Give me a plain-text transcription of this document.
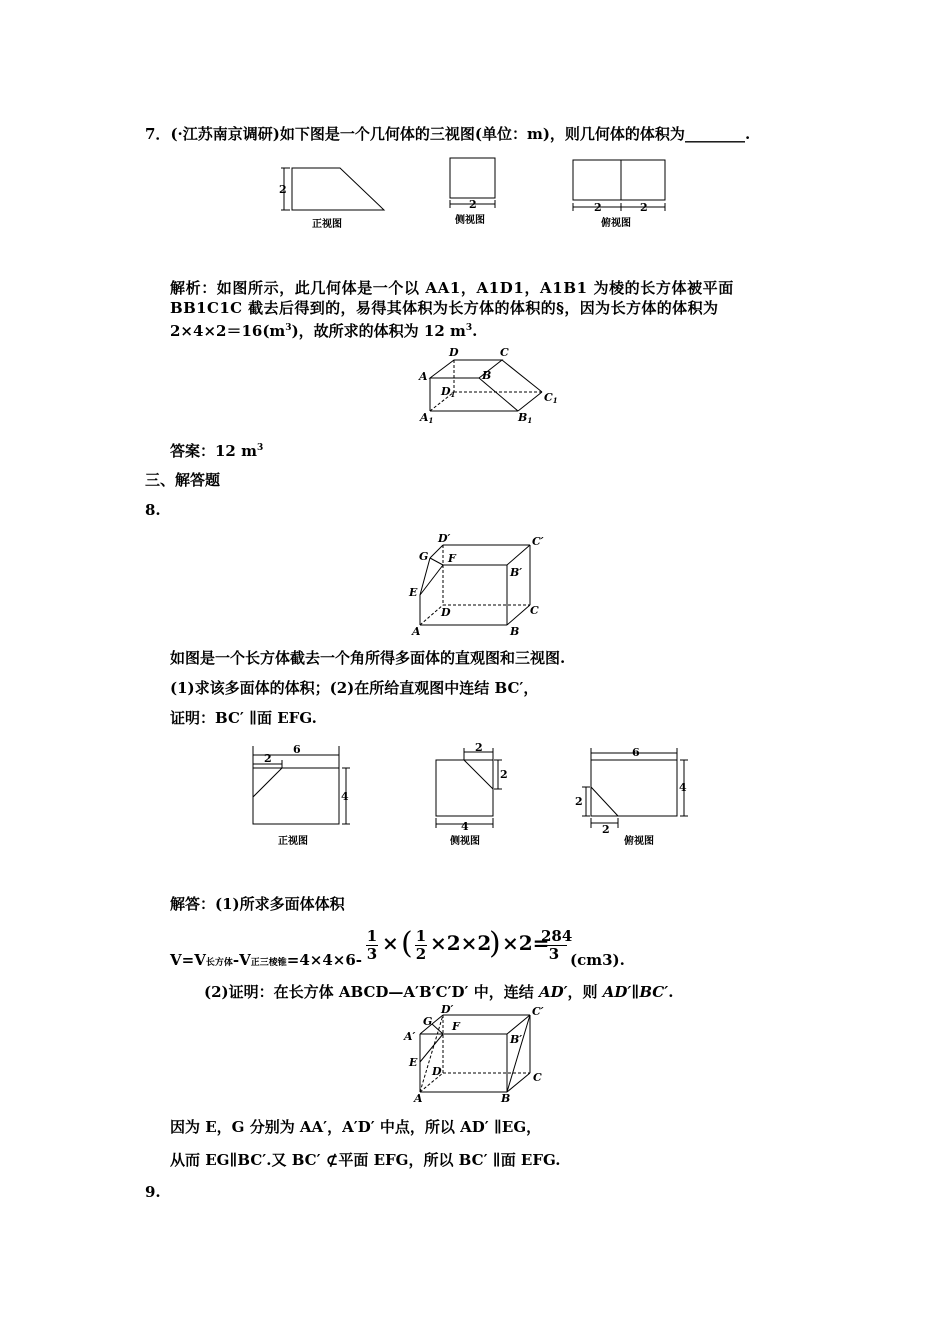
7．(·江苏南京调研)如下图是一个几何体的三视图(单位：m)，则几何体的体积为________.
2
正视图
2
侧视图
2	2
俯视图
解析：如图所示，此几何体是一个以 AA1，A1D1，A1B1 为棱的长方体被平面
BB1C1C 截去后得到的，易得其体积为长方体的体积的§，因为长方体的体积为
$2\times 4\times 2=16(m^3)$，故所求的体积为 12 $m^3$.
D	C
A	B
D1	C1
A1	B1
答案：12 $m^3$
三、解答题
8.
D′	C′
G F
B′
E
D	C
A	B
如图是一个长方体截去一个角所得多面体的直观图和三视图.
(1)求该多面体的体积；(2)在所给直观图中连结 BC′，
证明：BC′ ∥面 EFG.
6
2
4
2
2
4
6
4
2
2
正视图	侧视图	俯视图
解答：(1)所求多面体体积
V=V长方体-V正三棱锥$=4\times 4\times 6- \frac{1}{3}$ × ( $\frac{1}{2} \times 2\times 2$
) ×2=
$\frac{284}{3} (cm3)$.
(2)证明：在长方体 ABCD—A′B′C′D′ 中，连结 AD′，则 AD′∥BC′.
D′	C′
G F
A′	B′
E
D	C
A	B
因为 E，G 分别为 AA′，A′D′ 中点，所以 AD′ ∥EG，
从而 EG∥BC′.又 BC′ ⊄平面 EFG，所以 BC′ ∥面 EFG.
9.
